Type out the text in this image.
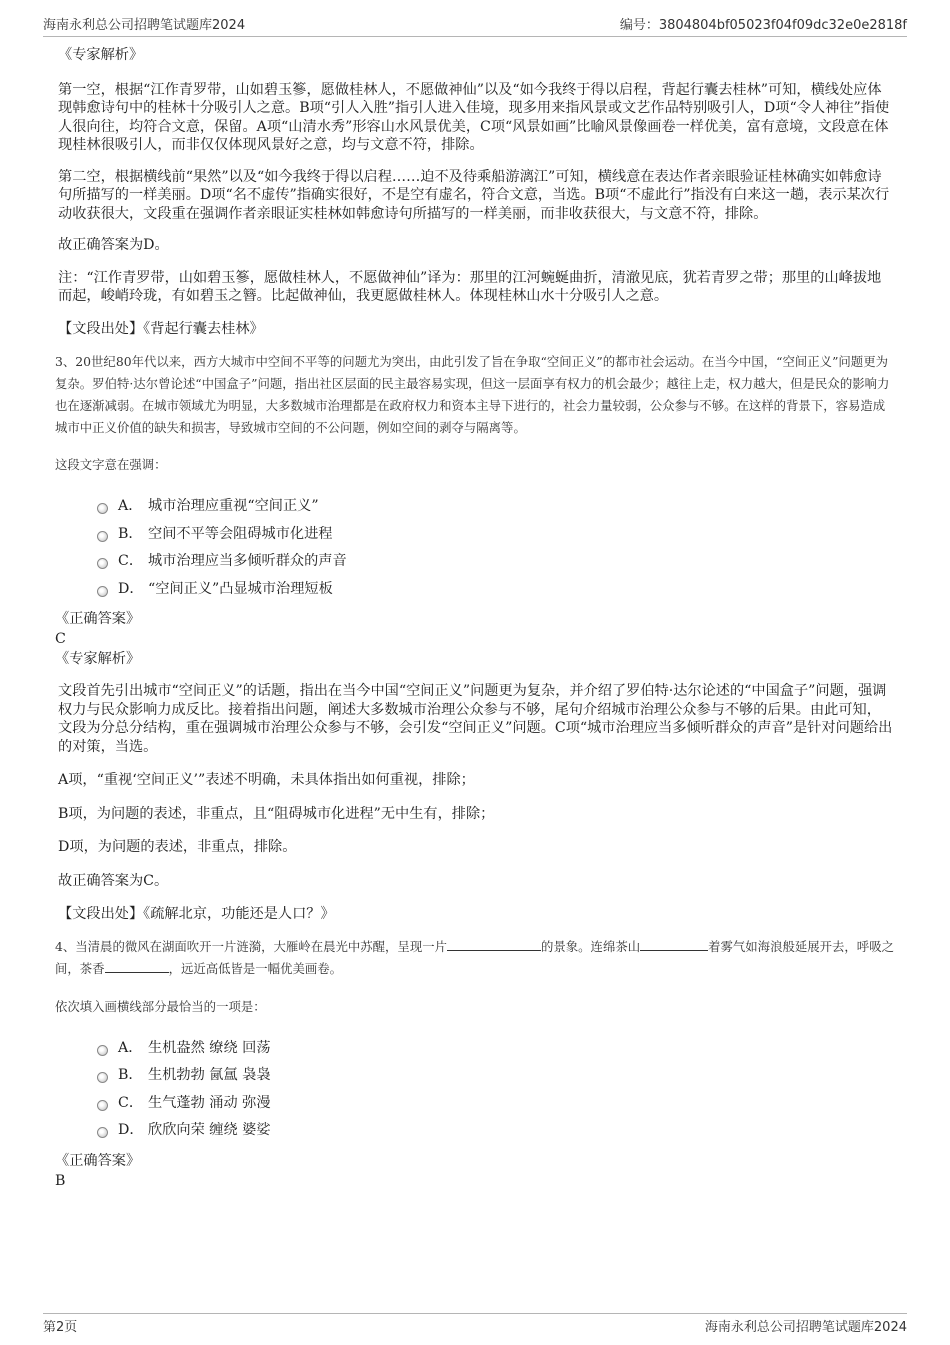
海南永利总公司招聘笔试题库2024	编号：3804804bf05023f04f09dc32e0e2818f

《专家解析》

第一空，根据“江作青罗带，山如碧玉篸，愿做桂林人，不愿做神仙”以及“如今我终于得以启程，背起行囊去桂林”可知，横线处应体现韩愈诗句中的桂林十分吸引人之意。B项“引人入胜”指引人进入佳境，现多用来指风景或文艺作品特别吸引人，D项“令人神往”指使人很向往，均符合文意，保留。A项“山清水秀”形容山水风景优美，C项“风景如画”比喻风景像画卷一样优美，富有意境，文段意在体现桂林很吸引人，而非仅仅体现风景好之意，均与文意不符，排除。

第二空，根据横线前“果然”以及“如今我终于得以启程……迫不及待乘船游漓江”可知，横线意在表达作者亲眼验证桂林确实如韩愈诗句所描写的一样美丽。D项“名不虚传”指确实很好，不是空有虚名，符合文意，当选。B项“不虚此行”指没有白来这一趟，表示某次行动收获很大，文段重在强调作者亲眼证实桂林如韩愈诗句所描写的一样美丽，而非收获很大，与文意不符，排除。

故正确答案为D。

注：“江作青罗带，山如碧玉篸，愿做桂林人，不愿做神仙”译为：那里的江河蜿蜒曲折，清澈见底，犹若青罗之带；那里的山峰拔地而起，峻峭玲珑，有如碧玉之簪。比起做神仙，我更愿做桂林人。体现桂林山水十分吸引人之意。

【文段出处】《背起行囊去桂林》

3、20世纪80年代以来，西方大城市中空间不平等的问题尤为突出，由此引发了旨在争取“空间正义”的都市社会运动。在当今中国，“空间正义”问题更为复杂。罗伯特·达尔曾论述“中国盒子”问题，指出社区层面的民主最容易实现，但这一层面享有权力的机会最少；越往上走，权力越大，但是民众的影响力也在逐渐减弱。在城市领域尤为明显，大多数城市治理都是在政府权力和资本主导下进行的，社会力量较弱，公众参与不够。在这样的背景下，容易造成城市中正义价值的缺失和损害，导致城市空间的不公问题，例如空间的剥夺与隔离等。

这段文字意在强调：

A． 城市治理应重视“空间正义”
B． 空间不平等会阻碍城市化进程
C． 城市治理应当多倾听群众的声音
D． “空间正义”凸显城市治理短板

《正确答案》

C

《专家解析》

文段首先引出城市“空间正义”的话题，指出在当今中国“空间正义”问题更为复杂，并介绍了罗伯特·达尔论述的“中国盒子”问题，强调权力与民众影响力成反比。接着指出问题，阐述大多数城市治理公众参与不够，尾句介绍城市治理公众参与不够的后果。由此可知，文段为分总分结构，重在强调城市治理公众参与不够，会引发“空间正义”问题。C项“城市治理应当多倾听群众的声音”是针对问题给出的对策，当选。

A项，“重视‘空间正义’”表述不明确，未具体指出如何重视，排除；

B项，为问题的表述，非重点，且“阻碍城市化进程”无中生有，排除；

D项，为问题的表述，非重点，排除。

故正确答案为C。

【文段出处】《疏解北京，功能还是人口？》

4、当清晨的微风在湖面吹开一片涟漪，大雁岭在晨光中苏醒，呈现一片	的景象。连绵茶山	着雾气如海浪般延展开去，呼吸之间，茶香	，远近高低皆是一幅优美画卷。

依次填入画横线部分最恰当的一项是：

A． 生机盎然 缭绕 回荡
B． 生机勃勃 氤氲 袅袅
C． 生气蓬勃 涌动 弥漫
D． 欣欣向荣 缠绕 婆娑

《正确答案》

B

第2页	海南永利总公司招聘笔试题库2024
